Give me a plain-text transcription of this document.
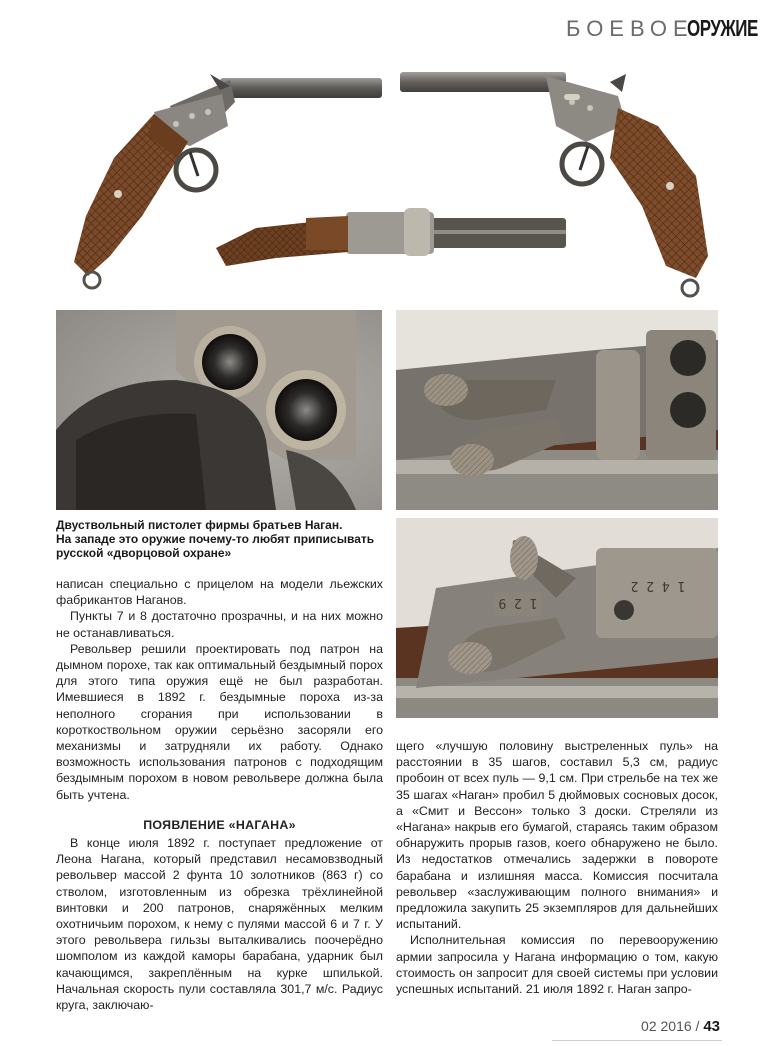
БОЕВОЕ
ОРУЖИЕ
1 2 9
1 4 2 2
Двуствольный пистолет фирмы братьев Наган.
На западе это оружие почему-то любят приписывать
русской «дворцовой охране»

написан специально с прицелом на модели льежских фабрикантов Наганов.

Пункты 7 и 8 достаточно прозрачны, и на них можно не останавливаться.

Револьвер решили проектировать под патрон на дымном порохе, так как оптимальный бездымный порох для этого типа оружия ещё не был разработан. Имевшиеся в 1892 г. бездымные пороха из-за неполного сгорания при использовании в короткоствольном оружии серьёзно засоряли его механизмы и затрудняли их работу. Однако возможность использования патронов с подходящим бездымным порохом в новом револьвере должна была быть учтена.

ПОЯВЛЕНИЕ «НАГАНА»

В конце июля 1892 г. поступает предложение от Леона Нагана, который представил несамовзводный револьвер массой 2 фунта 10 золотников (863 г) со стволом, изготовленным из обрезка трёхлинейной винтовки и 200 патронов, снаряжённых мелким охотничьим порохом, к нему с пулями массой 6 и 7 г. У этого револьвера гильзы выталкивались поочерёдно шомполом из каждой каморы барабана, ударник был качающимся, закреплённым на курке шпилькой. Начальная скорость пули составляла 301,7 м/с. Радиус круга, заключаю-

щего «лучшую половину выстреленных пуль» на расстоянии в 35 шагов, составил 5,3 см, радиус пробоин от всех пуль — 9,1 см. При стрельбе на тех же 35 шагах «Наган» пробил 5 дюймовых сосновых досок, а «Смит и Вессон» только 3 доски. Стреляли из «Нагана» накрыв его бумагой, стараясь таким образом обнаружить прорыв газов, коего обнаружено не было. Из недостатков отмечались задержки в повороте барабана и излишняя масса. Комиссия посчитала револьвер «заслуживающим полного внимания» и предложила закупить 25 экземпляров для дальнейших испытаний.

Исполнительная комиссия по перевооружению армии запросила у Нагана информацию о том, какую стоимость он запросит для своей системы при условии успешных испытаний. 21 июля 1892 г. Наган запро-

02 2016 / 43
